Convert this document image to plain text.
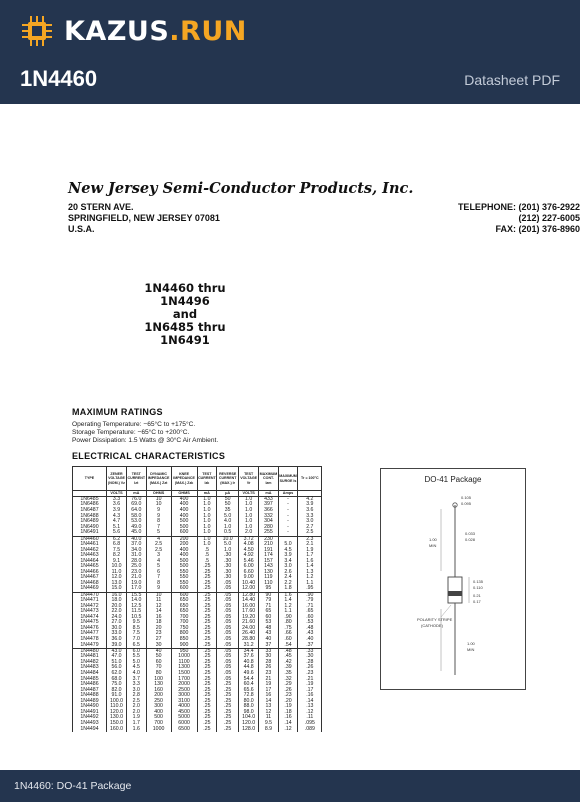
KAZUS.RUN
1N4460	Datasheet PDF
New Jersey Semi-Conductor Products, Inc.
20 STERN AVE.
SPRINGFIELD, NEW JERSEY 07081
U.S.A.
TELEPHONE: (201) 376-2922
(212) 227-6005
FAX: (201) 376-8960
1N4460 thru
1N4496
and
1N6485 thru
1N6491
MAXIMUM RATINGS
Operating Temperature: −65°C to +175°C.
Storage Temperature: −65°C to +200°C.
Power Dissipation: 1.5 Watts @ 30°C Air Ambient.
ELECTRICAL CHARACTERISTICS
TYPE	ZENER VOLTAGE (NOM.) Vz	TEST CURRENT Izt	DYNAMIC IMPEDANCE (MAX.) Zzt	KNEE IMPEDANCE (MAX.) Zzk	TEST CURRENT Izk	REVERSE CURRENT (MAX.) Ir	TEST VOLTAGE Vr	MAXIMUM CONT. Izm	MAXIMUM SURGE Is	Tr = 100°C
	VOLTS	mA	OHMS	OHMS	mA	μA	VOLTS	mA	Amps	
1N6485	3.3	76.0	10	400	1.0	50	1.0	433	-	4.2
1N6486	3.6	69.0	10	400	1.0	50	1.0	397	-	3.9
1N6487	3.9	64.0	9	400	1.0	35	1.0	366	-	3.6
1N6488	4.3	58.0	9	400	1.0	5.0	1.0	332	-	3.3
1N6489	4.7	53.0	8	500	1.0	4.0	1.0	304	-	3.0
1N6490	5.1	49.0	7	500	1.0	1.0	1.0	280	-	2.7
1N6491	5.6	45.0	5	600	1.0	0.5	2.0	255	-	2.5
1N4460	6.2	40.0	4	200	1.0	10.0	3.72	230		2.3
1N4461	6.8	37.0	2.5	200	1.0	5.0	4.08	210	5.0	2.1
1N4462	7.5	34.0	2.5	400	.5	1.0	4.50	191	4.5	1.9
1N4463	8.2	31.0	3	400	.5	.30	4.92	174	3.9	1.7
1N4464	9.1	28.0	4	500	.5	.30	5.46	157	3.4	1.6
1N4465	10.0	25.0	5	500	.25	.30	6.00	143	3.0	1.4
1N4466	11.0	23.0	6	550	.25	.30	6.60	130	2.6	1.3
1N4467	12.0	21.0	7	550	.25	.30	9.00	119	2.4	1.2
1N4468	13.0	19.0	8	550	.25	.05	10.40	110	2.2	1.1
1N4469	15.0	17.0	9	600	.25	.05	12.00	95	1.8	.95
1N4470	16.0	15.5	10	600	.25	.05	12.80	90	1.6	.90
1N4471	18.0	14.0	11	650	.25	.05	14.40	79	1.4	.79
1N4472	20.0	12.5	12	650	.25	.05	16.00	71	1.2	.71
1N4473	22.0	11.5	14	650	.25	.05	17.60	65	1.1	.65
1N4474	24.0	10.5	16	700	.25	.05	19.20	60	.90	.60
1N4475	27.0	9.5	18	700	.25	.05	21.60	53	.80	.53
1N4476	30.0	8.5	20	750	.25	.05	24.00	48	.75	.48
1N4477	33.0	7.5	23	800	.25	.05	26.40	43	.66	.43
1N4478	36.0	7.0	27	850	.25	.05	28.80	40	.60	.40
1N4479	39.0	6.5	30	900	.25	.05	31.2	37	.54	.37
1N4480	43.0	6.0	40	950	.25	.05	34.4	33	.48	.33
1N4481	47.0	5.5	50	1000	.25	.05	37.6	30	.45	.30
1N4482	51.0	5.0	60	1100	.25	.05	40.8	28	.42	.28
1N4483	56.0	4.5	70	1300	.25	.05	44.8	26	.39	.26
1N4484	62.0	4.0	80	1500	.25	.05	49.6	23	.35	.23
1N4485	68.0	3.7	100	1700	.25	.05	54.4	21	.32	.21
1N4486	75.0	3.3	130	2000	.25	.25	60.4	19	.29	.19
1N4487	82.0	3.0	160	2500	.25	.25	65.6	17	.26	.17
1N4488	91.0	2.8	200	3000	.25	.25	72.8	16	.23	.16
1N4489	100.0	2.5	250	3100	.25	.25	80.0	14	.20	.14
1N4490	110.0	2.0	300	4000	.25	.25	88.0	13	.19	.13
1N4491	120.0	2.0	400	4500	.25	.25	98.0	12	.18	.12
1N4492	130.0	1.9	500	5000	.25	.25	104.0	11	.16	.11
1N4493	150.0	1.7	700	6000	.25	.25	120.0	9.5	.14	.095
1N4494	160.0	1.6	1000	6500	.25	.25	128.0	8.9	.12	.089
DO-41 Package
0.105
0.095
1.00
MIN
0.033
0.028
0.135
0.110
POLARITY STRIPE
(CATHODE)
0.21
0.17
1.00
MIN
1N4460: DO-41 Package
